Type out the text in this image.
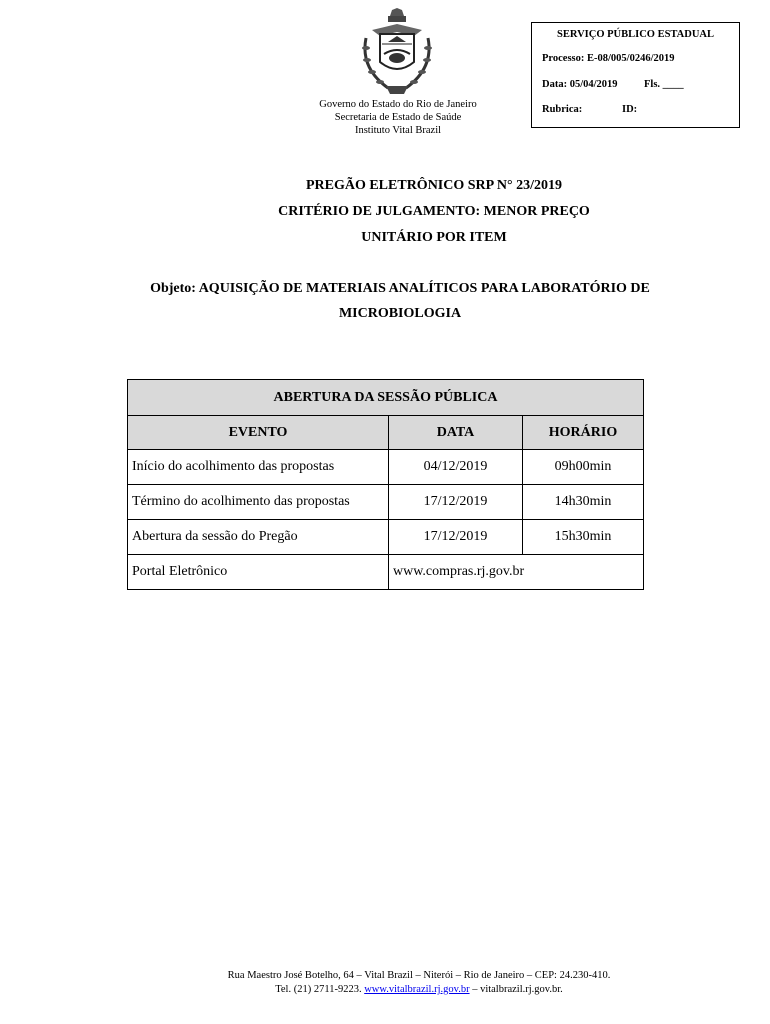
Governo do Estado do Rio de Janeiro
Secretaria de Estado de Saúde
Instituto Vital Brazil
SERVIÇO PÚBLICO ESTADUAL
Processo: E-08/005/0246/2019
Data: 05/04/2019	Fls. ____
Rubrica:	ID:
PREGÃO ELETRÔNICO SRP N° 23/2019
CRITÉRIO DE JULGAMENTO: MENOR PREÇO
UNITÁRIO POR ITEM
Objeto: AQUISIÇÃO DE MATERIAIS ANALÍTICOS PARA LABORATÓRIO DE
MICROBIOLOGIA
ABERTURA DA SESSÃO PÚBLICA		
EVENTO	DATA	HORÁRIO
Início do acolhimento das propostas	04/12/2019	09h00min
Término do acolhimento das propostas	17/12/2019	14h30min
Abertura da sessão do Pregão	17/12/2019	15h30min
Portal Eletrônico	www.compras.rj.gov.br	
Rua Maestro José Botelho, 64 – Vital Brazil – Niterói – Rio de Janeiro – CEP: 24.230-410.
Tel. (21) 2711-9223. www.vitalbrazil.rj.gov.br – vitalbrazil.rj.gov.br.
